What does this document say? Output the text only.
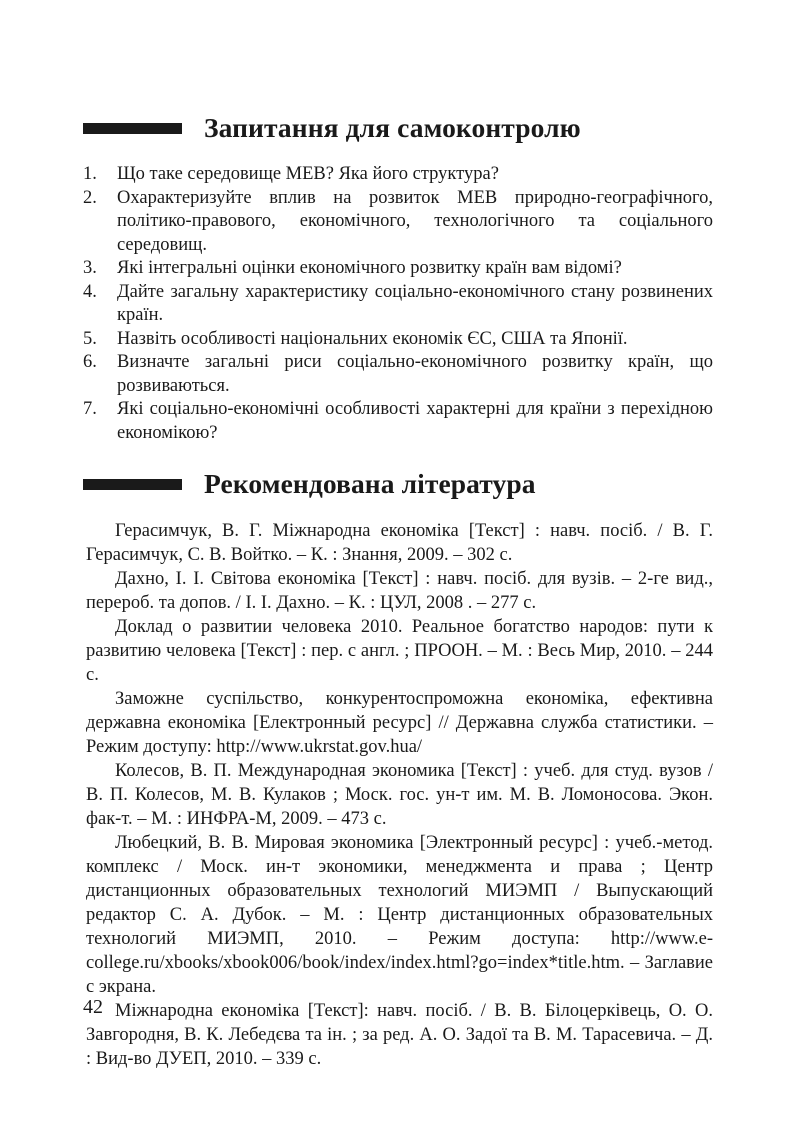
Запитання для самоконтролю
1.	Що таке середовище МЕВ? Яка його структура?
2.	Охарактеризуйте вплив на розвиток МЕВ природно-географічного, політико-правового, економічного, технологічного та соціального середовищ.
3.	Які інтегральні оцінки економічного розвитку країн вам відомі?
4.	Дайте загальну характеристику соціально-економічного стану розвинених країн.
5.	Назвіть особливості національних економік ЄС, США та Японії.
6.	Визначте загальні риси соціально-економічного розвитку країн, що розвиваються.
7.	Які соціально-економічні особливості характерні для країни з перехідною економікою?
Рекомендована література

Герасимчук, В. Г. Міжнародна економіка [Текст] : навч. посіб. / В. Г. Герасимчук, С. В. Войтко. – К. : Знання, 2009. – 302 с.

Дахно, І. І. Світова економіка [Текст] : навч. посіб. для вузів. – 2-ге вид., перероб. та допов. / І. І. Дахно. – К. : ЦУЛ, 2008 . – 277 с.

Доклад о развитии человека 2010. Реальное богатство народов: пути к развитию человека [Текст] : пер. с англ. ; ПРООН. – М. : Весь Мир, 2010. – 244 с.

Заможне суспільство, конкурентоспроможна економіка, ефективна державна економіка [Електронный ресурс] // Державна служба статистики. – Режим доступу: http://www.ukrstat.gov.hua/

Колесов, В. П. Международная экономика [Текст] : учеб. для студ. вузов / В. П. Колесов, М. В. Кулаков ; Моск. гос. ун-т им. М. В. Ломоносова. Экон. фак-т. – М. : ИНФРА-М, 2009. – 473 с.

Любецкий, В. В. Мировая экономика [Электронный ресурс] : учеб.-метод. комплекс / Моск. ин-т экономики, менеджмента и права ; Центр дистанционных образовательных технологий МИЭМП / Выпускающий редактор С. А. Дубок. – М. : Центр дистанционных образовательных технологий МИЭМП, 2010. – Режим доступа: http://www.e-college.ru/xbooks/xbook006/book/index/index.html?go=index*title.htm. – Заглавие с экрана.

Міжнародна економіка [Текст]: навч. посіб. / В. В. Білоцерківець, О. О. Завгородня, В. К. Лебедєва та ін. ; за ред. А. О. Задої та В. М. Тарасевича. – Д. : Вид-во ДУЕП, 2010. – 339 с.

42
